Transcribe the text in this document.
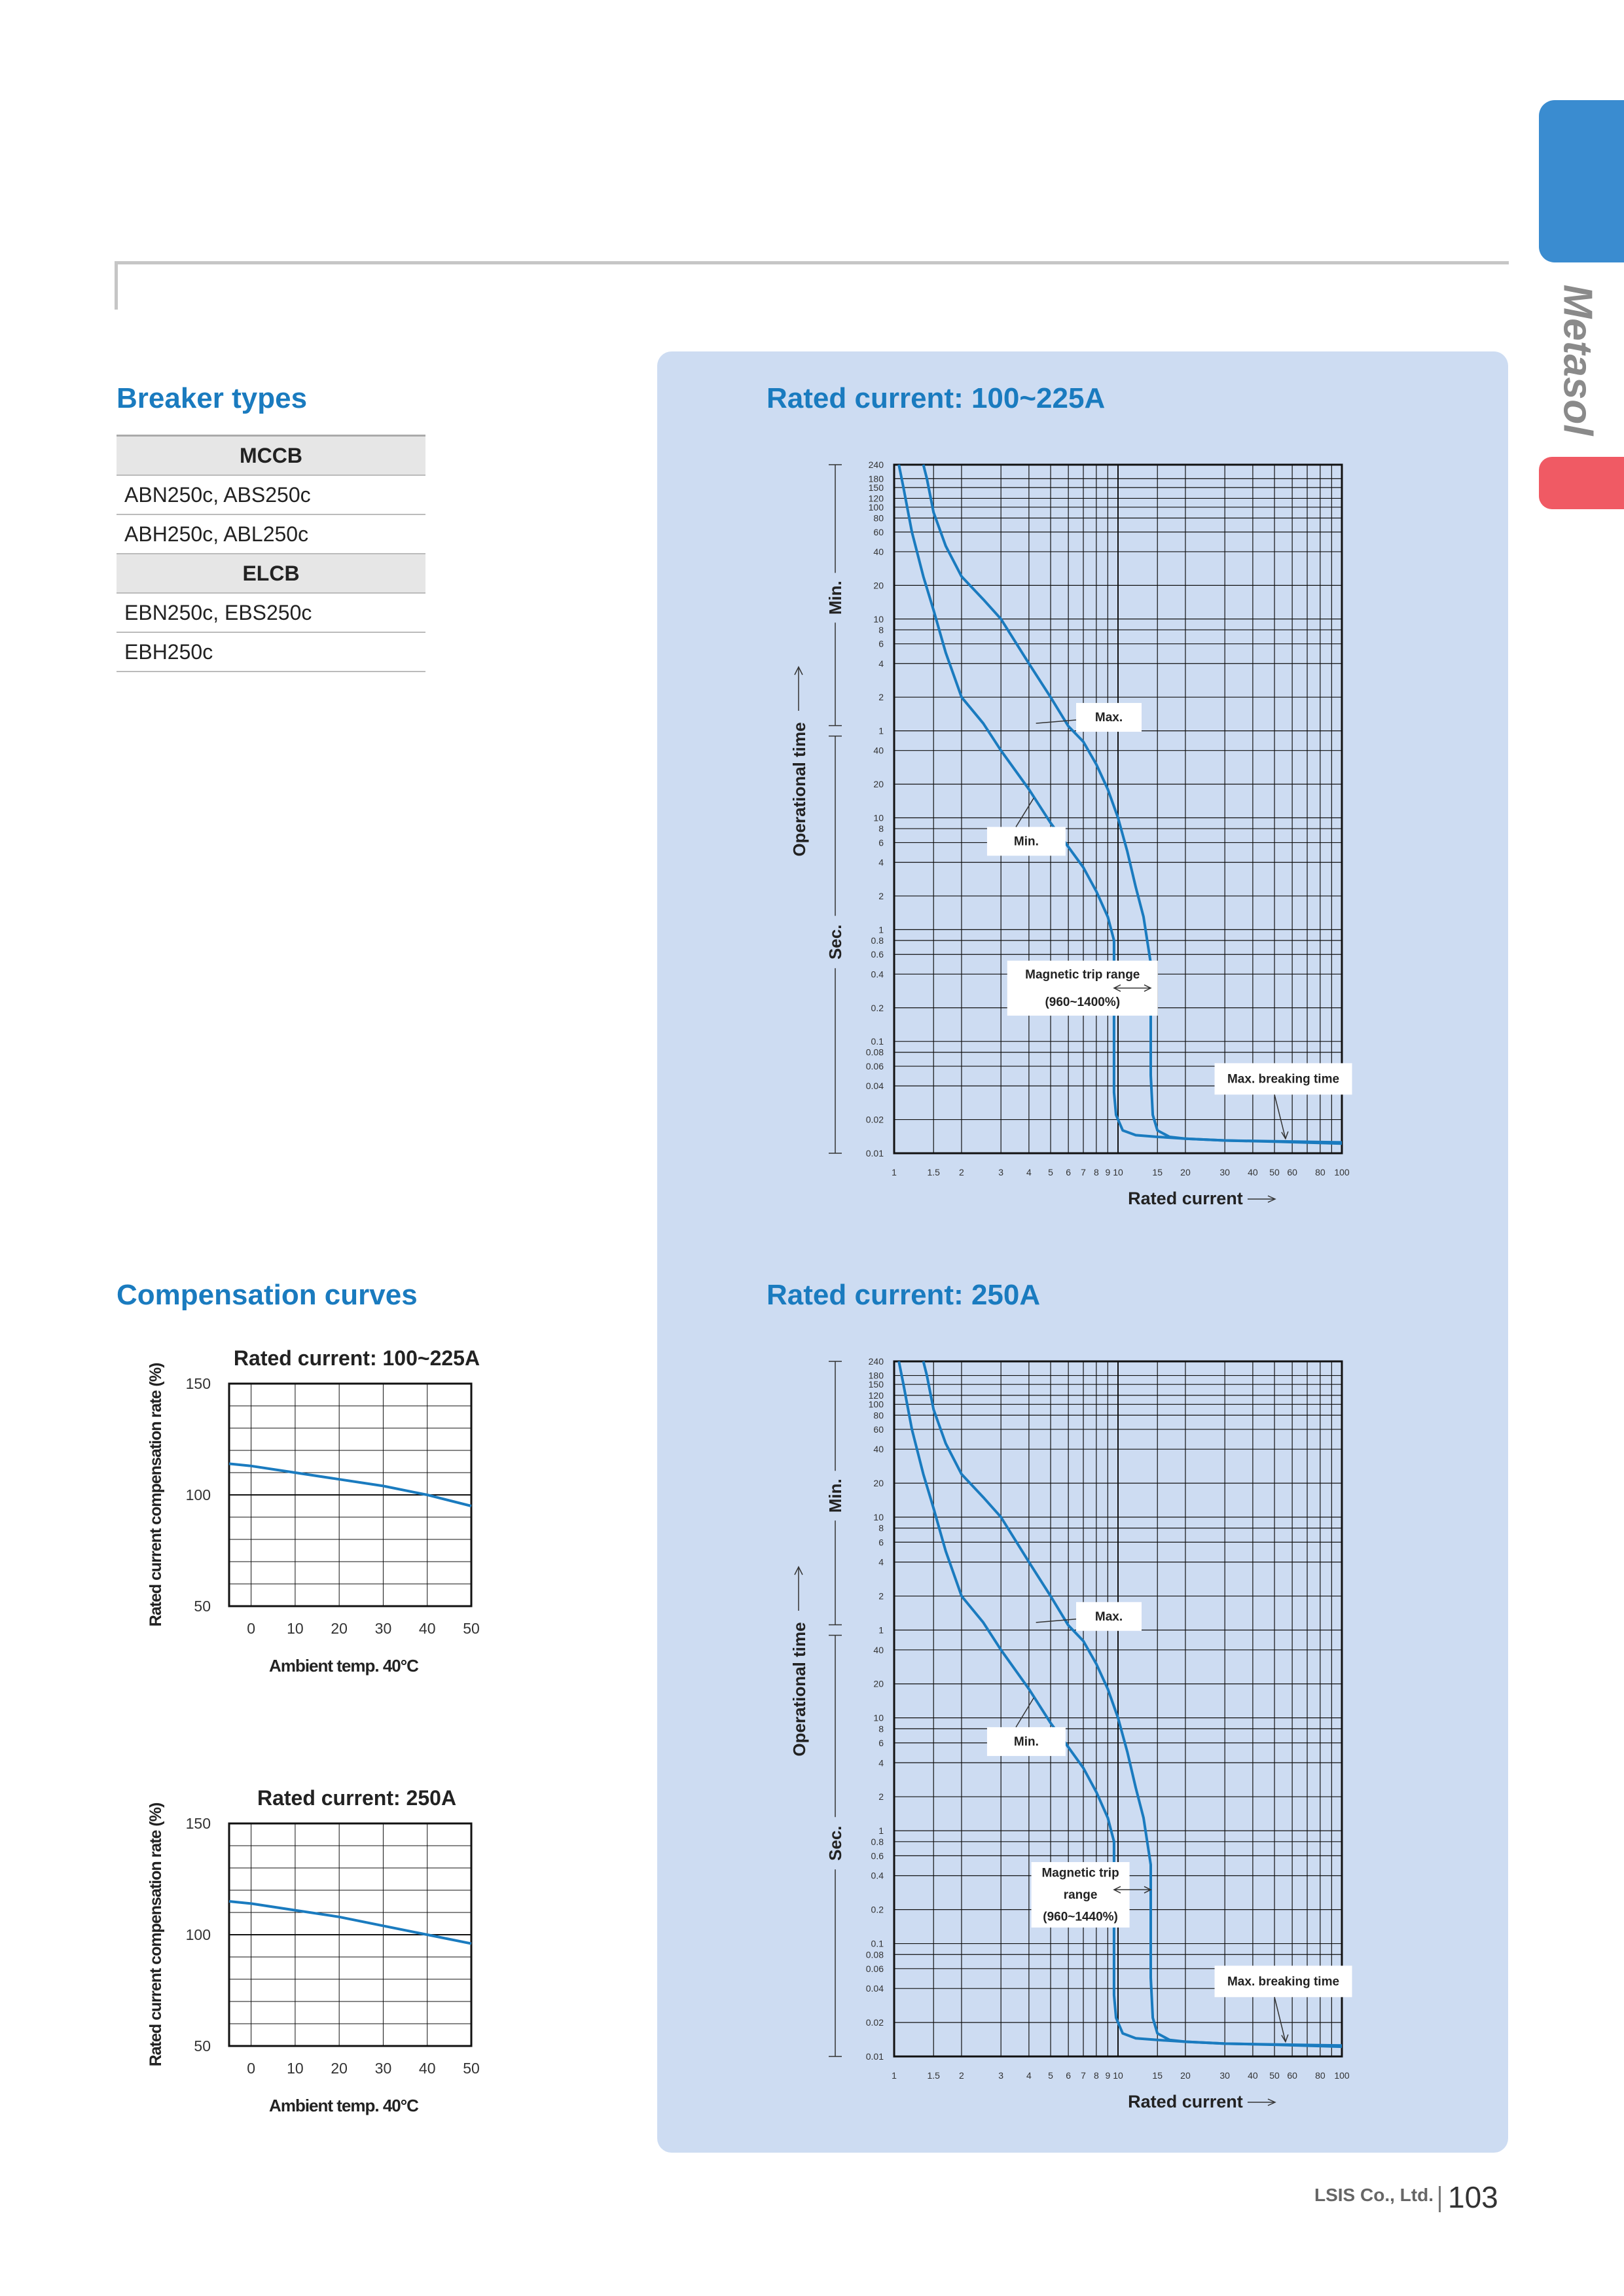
Metasol
Breaker types
MCCB
ABN250c, ABS250c
ABH250c, ABL250c
ELCB
EBN250c, EBS250c
EBH250c
Compensation curves
Rated current: 100~225A
50
100
150
0 10 20 30 40 50
Ambient temp. 40°C
Rated current compensation rate (%)
Rated current: 250A
50
100
150
0 10 20 30 40 50
Ambient temp. 40°C
Rated current compensation rate (%)
Rated current: 100~225A
240
180
150
120
100
80
60
40
20
10
8
6
4
2
1
40
20
10
8
6
4
2
1
0.8
0.6
0.4
0.2
0.1
0.08
0.06
0.04
0.02
0.01
1	1.5 2	3 4 5 6 7 8 9 10	15 20	30 40 50 60 80 100
Min.
Sec.
Operational time
Rated current
Max.
Min.
Magnetic trip range
(960~1400%)
Max. breaking time
Rated current: 250A
240
180
150
120
100
80
60
40
20
10
8
6
4
2
1
40
20
10
8
6
4
2
1
0.8
0.6
0.4
0.2
0.1
0.08
0.06
0.04
0.02
0.01
1	1.5 2	3 4 5 6 7 8 9 10	15 20	30 40 50 60 80 100
Min.
Sec.
Operational time
Rated current
Max.
Min.
Magnetic trip
range
(960~1440%)
Max. breaking time
LSIS Co., Ltd. 103
